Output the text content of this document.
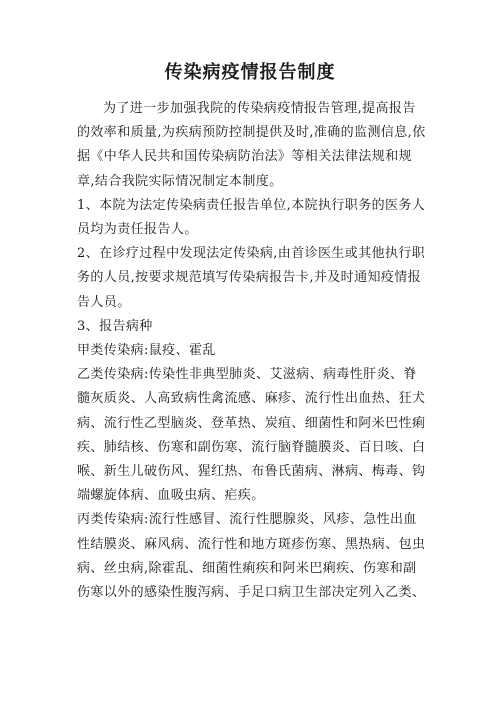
传染病疫情报告制度

为了进一步加强我院的传染病疫情报告管理,提高报告的效率和质量,为疾病预防控制提供及时,准确的监测信息,依据《中华人民共和国传染病防治法》等相关法律法规和规章,结合我院实际情况制定本制度。

1、本院为法定传染病责任报告单位,本院执行职务的医务人员均为责任报告人。

2、在诊疗过程中发现法定传染病,由首诊医生或其他执行职务的人员,按要求规范填写传染病报告卡,并及时通知疫情报告人员。

3、报告病种

甲类传染病:鼠疫、霍乱

乙类传染病:传染性非典型肺炎、艾滋病、病毒性肝炎、脊髓灰质炎、人高致病性禽流感、麻疹、流行性出血热、狂犬病、流行性乙型脑炎、登革热、炭疽、细菌性和阿米巴性痢疾、肺结核、伤寒和副伤寒、流行脑脊髓膜炎、百日咳、白喉、新生儿破伤风、猩红热、布鲁氏菌病、淋病、梅毒、钩端螺旋体病、血吸虫病、疟疾。

丙类传染病:流行性感冒、流行性腮腺炎、风疹、急性出血性结膜炎、麻风病、流行性和地方斑疹伤寒、黑热病、包虫病、丝虫病,除霍乱、细菌性痢疾和阿米巴痢疾、伤寒和副伤寒以外的感染性腹泻病、手足口病卫生部决定列入乙类、
